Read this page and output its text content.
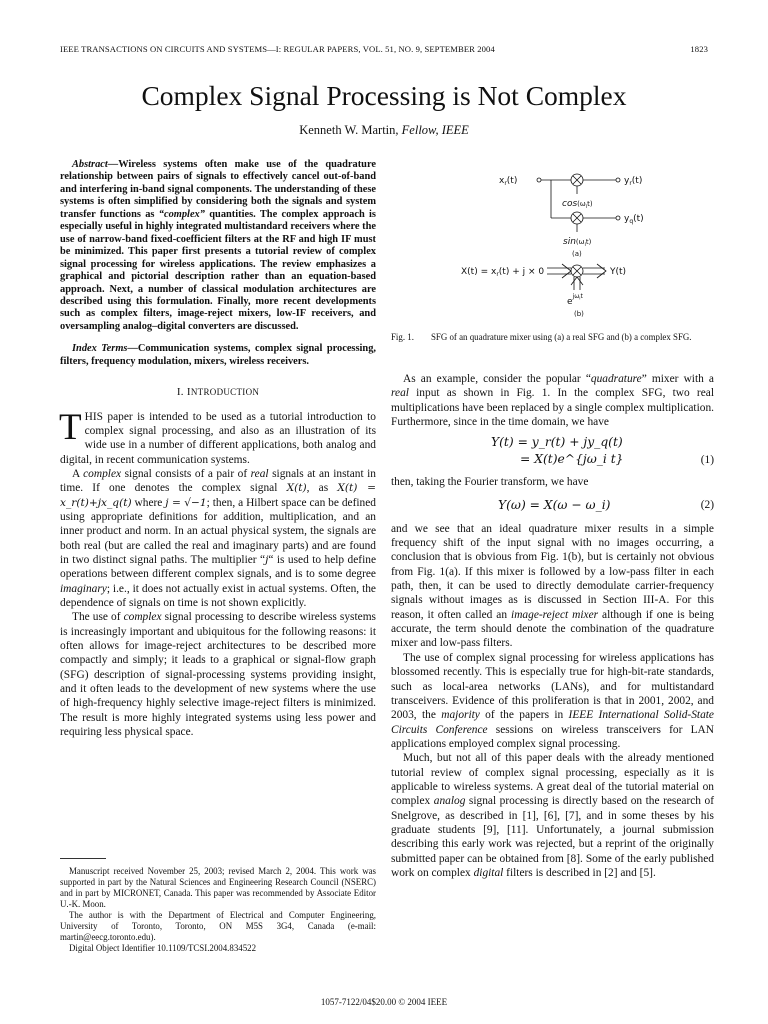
IEEE TRANSACTIONS ON CIRCUITS AND SYSTEMS—I: REGULAR PAPERS, VOL. 51, NO. 9, SEPTEMBER 2004	1823
Complex Signal Processing is Not Complex
Kenneth W. Martin, Fellow, IEEE

Abstract—Wireless systems often make use of the quadrature relationship between pairs of signals to effectively cancel out-of-band and interfering in-band signal components. The understanding of these systems is often simplified by considering both the signals and system transfer functions as “complex” quantities. The complex approach is especially useful in highly integrated multistandard receivers where the use of narrow-band fixed-coefficient filters at the RF and high IF must be minimized. This paper first presents a tutorial review of complex signal processing for wireless applications. The review emphasizes a graphical and pictorial description rather than an equation-based approach. Next, a number of classical modulation architectures are described using this formulation. Finally, more recent developments such as complex filters, image-reject mixers, low-IF receivers, and oversampling analog–digital converters are discussed.

Index Terms—Communication systems, complex signal processing, filters, frequency modulation, mixers, wireless receivers.

I. INTRODUCTION

THIS paper is intended to be used as a tutorial introduction to complex signal processing, and also as an illustration of its wide use in a number of different applications, both analog and digital, in recent communication systems.

A complex signal consists of a pair of real signals at an instant in time. If one denotes the complex signal X(t), as X(t) = x_r(t)+jx_q(t) where j = √−1; then, a Hilbert space can be defined using appropriate definitions for addition, multiplication, and an inner product and norm. In an actual physical system, the signals are both real (but are called the real and imaginary parts) and are found in two distinct signal paths. The multiplier “j“ is used to help define operations between different complex signals, and is to some degree imaginary; i.e., it does not actually exist in actual systems. Often, the dependence of signals on time is not shown explicitly.

The use of complex signal processing to describe wireless systems is increasingly important and ubiquitous for the following reasons: it often allows for image-reject architectures to be described more compactly and simply; it leads to a graphical or signal-flow graph (SFG) description of signal-processing systems providing insight, and it often leads to the development of new systems where the use of high-frequency highly selective image-reject filters is minimized. The result is more highly integrated systems using less power and requiring less physical space.

Manuscript received November 25, 2003; revised March 2, 2004. This work was supported in part by the Natural Sciences and Engineering Research Council (NSERC) and in part by MICRONET, Canada. This paper was recommended by Associate Editor U.-K. Moon.

The author is with the Department of Electrical and Computer Engineering, University of Toronto, Toronto, ON M5S 3G4, Canada (e-mail: martin@eecg.toronto.edu).

Digital Object Identifier 10.1109/TCSI.2004.834522

$x_r(t)$	$y_r(t)$
$\cos(\omega_i^{t)}$
$y_q(t)$
$\sin(\omega_i^{t)}$
(a)
$X(t) = x_r(t) + j \times 0$	Y(t)
$e^{j\omega}it$
(b)
Fig. 1. SFG of an quadrature mixer using (a) a real SFG and (b) a complex SFG.

As an example, consider the popular “quadrature” mixer with a real input as shown in Fig. 1. In the complex SFG, two real multiplications have been replaced by a single complex multiplication. Furthermore, since in the time domain, we have

Y(t) = y_r(t) + jy_q(t)
= X(t)e^{jω_i t}	(1)

then, taking the Fourier transform, we have

Y(ω) = X(ω − ω_i)	(2)

and we see that an ideal quadrature mixer results in a simple frequency shift of the input signal with no images occurring, a conclusion that is obvious from Fig. 1(b), but is certainly not obvious from Fig. 1(a). If this mixer is followed by a low-pass filter in each path, then, it can be used to directly demodulate carrier-frequency signals without images as is discussed in Section III-A. For this reason, it often called an image-reject mixer although if one is being accurate, the term should denote the combination of the quadrature mixer and low-pass filters.

The use of complex signal processing for wireless applications has blossomed recently. This is especially true for high-bit-rate standards, such as local-area networks (LANs), and for multistandard transceivers. Evidence of this proliferation is that in 2001, 2002, and 2003, the majority of the papers in IEEE International Solid-State Circuits Conference sessions on wireless transceivers for LAN applications employed complex signal processing.

Much, but not all of this paper deals with the already mentioned tutorial review of complex signal processing, especially as it is applicable to wireless systems. A great deal of the tutorial material on complex analog signal processing is directly based on the research of Snelgrove, as described in [1], [6], [7], and in some theses by his graduate students [9], [11]. Unfortunately, a journal submission describing this early work was rejected, but a reprint of the originally submitted paper can be obtained from [8]. Some of the early published work on complex digital filters is described in [2] and [5].

1057-7122/04$20.00 © 2004 IEEE
